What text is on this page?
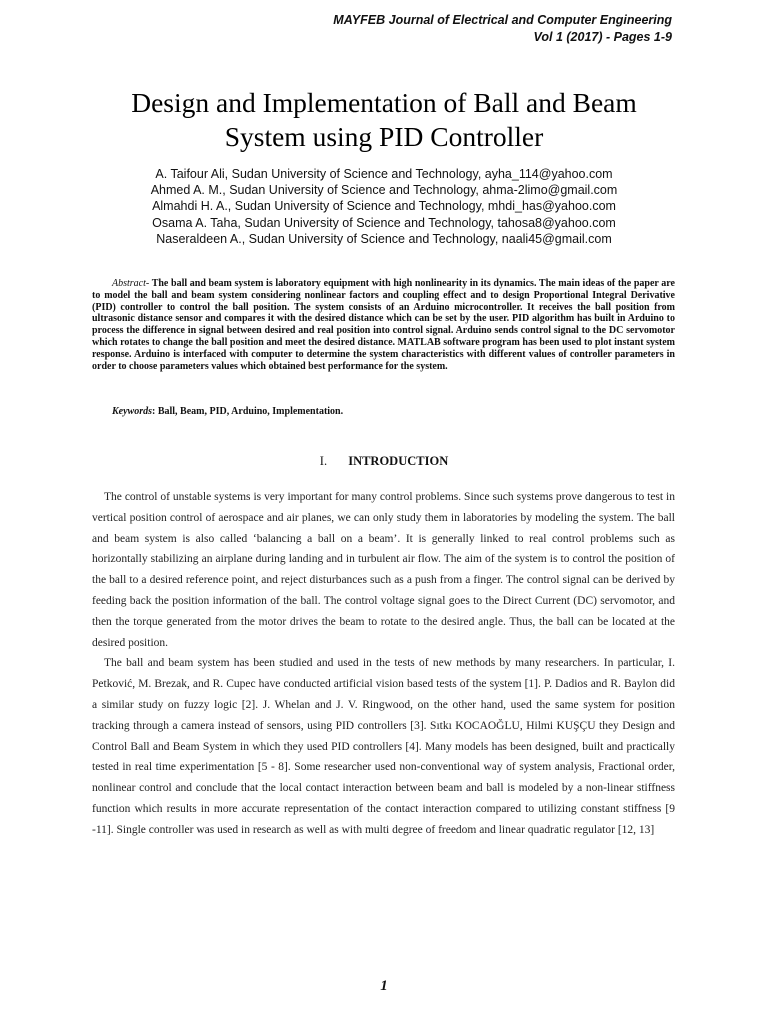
MAYFEB Journal of Electrical and Computer Engineering
Vol 1 (2017) - Pages 1-9
Design and Implementation of Ball and Beam
System using PID Controller
A. Taifour Ali, Sudan University of Science and Technology, ayha_114@yahoo.com
Ahmed A. M., Sudan University of Science and Technology, ahma-2limo@gmail.com
Almahdi H. A., Sudan University of Science and Technology, mhdi_has@yahoo.com
Osama A. Taha, Sudan University of Science and Technology, tahosa8@yahoo.com
Naseraldeen A., Sudan University of Science and Technology, naali45@gmail.com
Abstract- The ball and beam system is laboratory equipment with high nonlinearity in its dynamics. The main ideas of the paper are to model the ball and beam system considering nonlinear factors and coupling effect and to design Proportional Integral Derivative (PID) controller to control the ball position. The system consists of an Arduino microcontroller. It receives the ball position from ultrasonic distance sensor and compares it with the desired distance which can be set by the user. PID algorithm has built in Arduino to process the difference in signal between desired and real position into control signal. Arduino sends control signal to the DC servomotor which rotates to change the ball position and meet the desired distance. MATLAB software program has been used to plot instant system response. Arduino is interfaced with computer to determine the system characteristics with different values of controller parameters in order to choose parameters values which obtained best performance for the system.
Keywords: Ball, Beam, PID, Arduino, Implementation.
I. INTRODUCTION

The control of unstable systems is very important for many control problems. Since such systems prove dangerous to test in vertical position control of aerospace and air planes, we can only study them in laboratories by modeling the system. The ball and beam system is also called ‘balancing a ball on a beam’. It is generally linked to real control problems such as horizontally stabilizing an airplane during landing and in turbulent air flow. The aim of the system is to control the position of the ball to a desired reference point, and reject disturbances such as a push from a finger. The control signal can be derived by feeding back the position information of the ball. The control voltage signal goes to the Direct Current (DC) servomotor, and then the torque generated from the motor drives the beam to rotate to the desired angle. Thus, the ball can be located at the desired position.

The ball and beam system has been studied and used in the tests of new methods by many researchers. In particular, I. Petković, M. Brezak, and R. Cupec have conducted artificial vision based tests of the system [1]. P. Dadios and R. Baylon did a similar study on fuzzy logic [2]. J. Whelan and J. V. Ringwood, on the other hand, used the same system for position tracking through a camera instead of sensors, using PID controllers [3]. Sıtkı KOCAOĞLU, Hilmi KUŞÇU they Design and Control Ball and Beam System in which they used PID controllers [4]. Many models has been designed, built and practically tested in real time experimentation [5 - 8]. Some researcher used non-conventional way of system analysis, Fractional order, nonlinear control and conclude that the local contact interaction between beam and ball is modeled by a non-linear stiffness function which results in more accurate representation of the contact interaction compared to utilizing constant stiffness [9 -11]. Single controller was used in research as well as with multi degree of freedom and linear quadratic regulator [12, 13]

1
